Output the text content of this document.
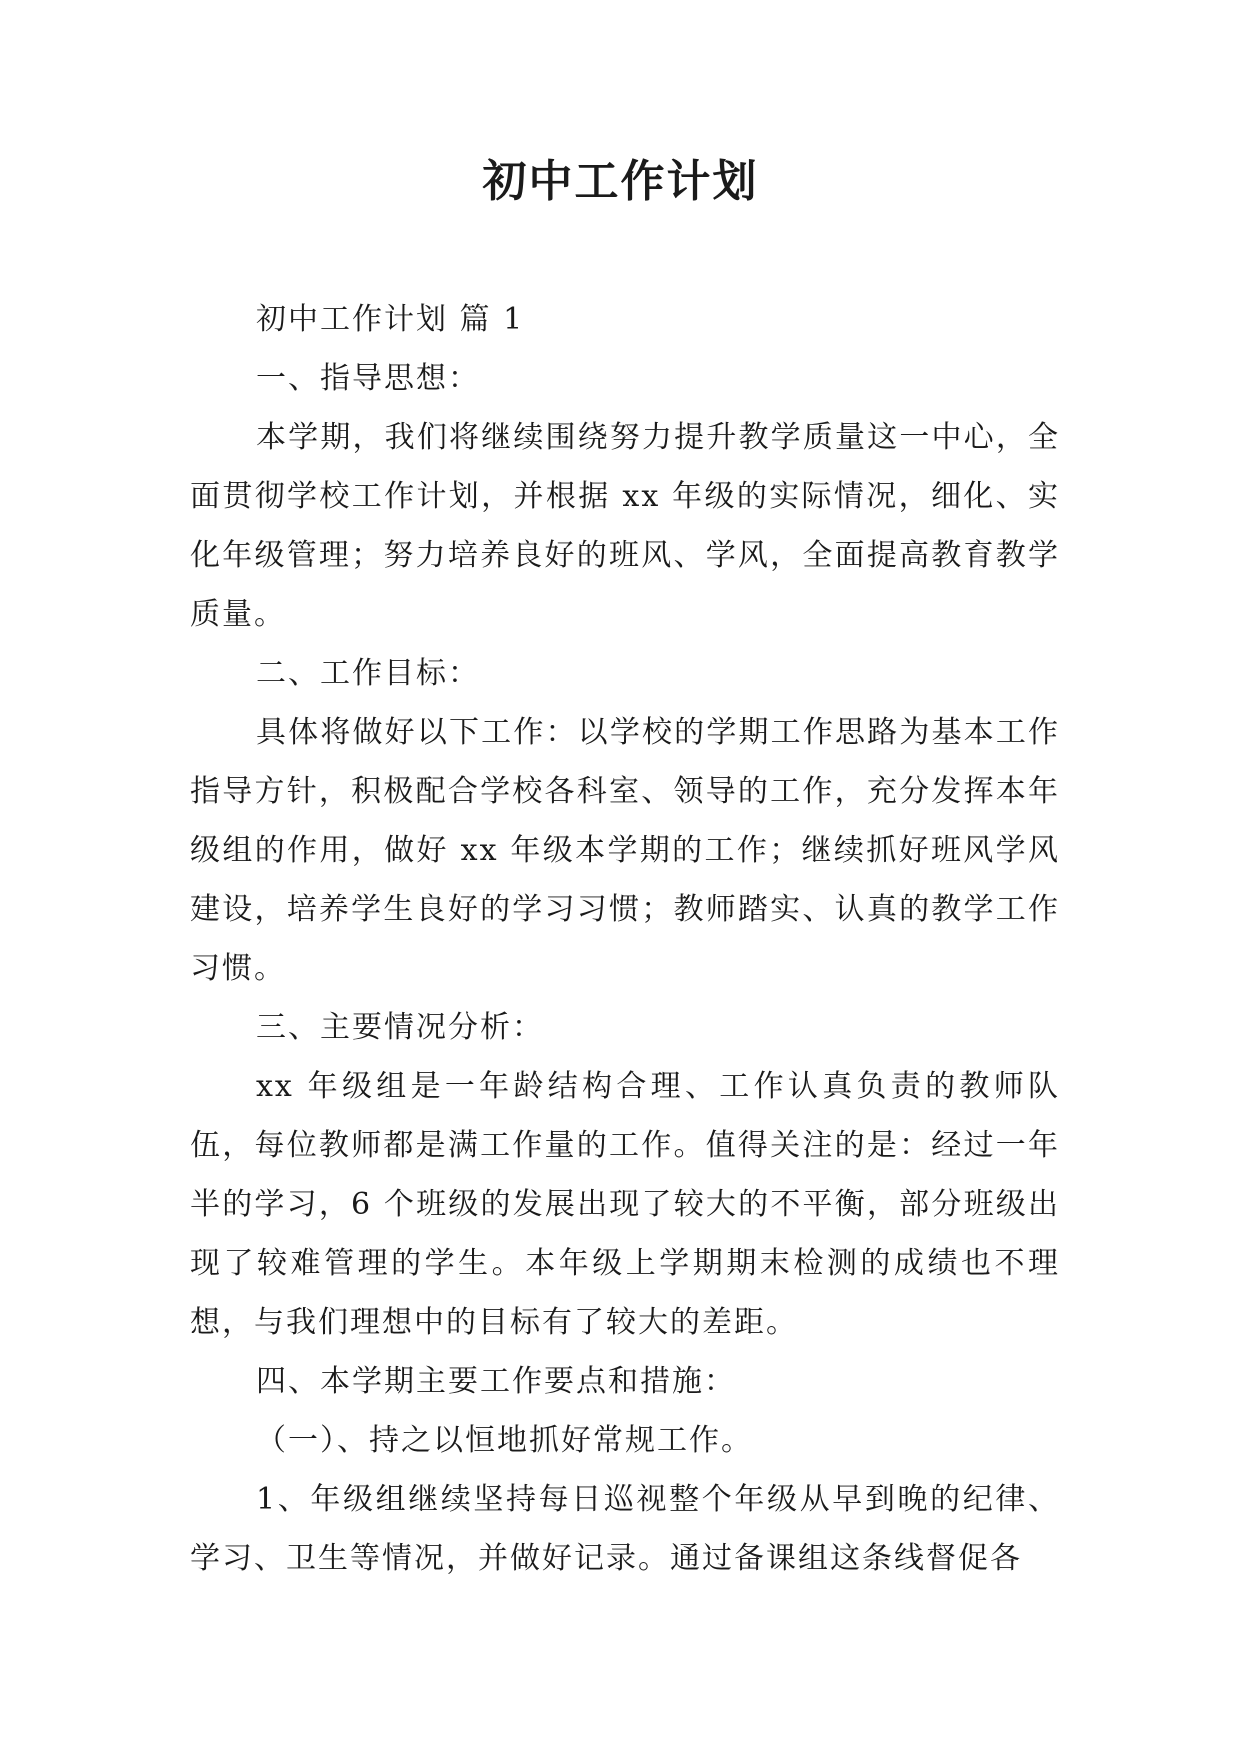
初中工作计划

初中工作计划 篇 1

一、指导思想：

本学期，我们将继续围绕努力提升教学质量这一中心，全面贯彻学校工作计划，并根据 xx 年级的实际情况，细化、实化年级管理；努力培养良好的班风、学风，全面提高教育教学质量。

二、工作目标：

具体将做好以下工作：以学校的学期工作思路为基本工作指导方针，积极配合学校各科室、领导的工作，充分发挥本年级组的作用，做好 xx 年级本学期的工作；继续抓好班风学风建设，培养学生良好的学习习惯；教师踏实、认真的教学工作习惯。

三、主要情况分析：

xx 年级组是一年龄结构合理、工作认真负责的教师队伍，每位教师都是满工作量的工作。值得关注的是：经过一年半的学习，6 个班级的发展出现了较大的不平衡，部分班级出现了较难管理的学生。本年级上学期期末检测的成绩也不理想，与我们理想中的目标有了较大的差距。

四、本学期主要工作要点和措施：

（一）、持之以恒地抓好常规工作。

1、年级组继续坚持每日巡视整个年级从早到晚的纪律、学习、卫生等情况，并做好记录。通过备课组这条线督促各
